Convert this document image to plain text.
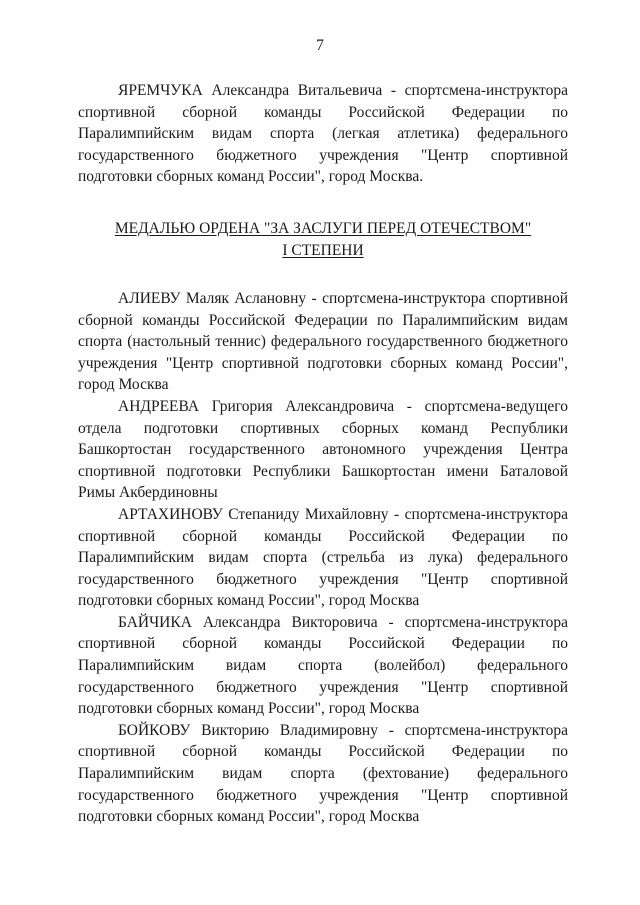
7

ЯРЕМЧУКА Александра Витальевича - спортсмена-инструктора спортивной сборной команды Российской Федерации по Паралимпийским видам спорта (легкая атлетика) федерального государственного бюджетного учреждения "Центр спортивной подготовки сборных команд России", город Москва.

МЕДАЛЬЮ ОРДЕНА "ЗА ЗАСЛУГИ ПЕРЕД ОТЕЧЕСТВОМ"
I СТЕПЕНИ

АЛИЕВУ Маляк Аслановну - спортсмена-инструктора спортивной сборной команды Российской Федерации по Паралимпийским видам спорта (настольный теннис) федерального государственного бюджетного учреждения "Центр спортивной подготовки сборных команд России", город Москва

АНДРЕЕВА Григория Александровича - спортсмена-ведущего отдела подготовки спортивных сборных команд Республики Башкортостан государственного автономного учреждения Центра спортивной подготовки Республики Башкортостан имени Баталовой Римы Акбердиновны

АРТАХИНОВУ Степаниду Михайловну - спортсмена-инструктора спортивной сборной команды Российской Федерации по Паралимпийским видам спорта (стрельба из лука) федерального государственного бюджетного учреждения "Центр спортивной подготовки сборных команд России", город Москва

БАЙЧИКА Александра Викторовича - спортсмена-инструктора спортивной сборной команды Российской Федерации по Паралимпийским видам спорта (волейбол) федерального государственного бюджетного учреждения "Центр спортивной подготовки сборных команд России", город Москва

БОЙКОВУ Викторию Владимировну - спортсмена-инструктора спортивной сборной команды Российской Федерации по Паралимпийским видам спорта (фехтование) федерального государственного бюджетного учреждения "Центр спортивной подготовки сборных команд России", город Москва
